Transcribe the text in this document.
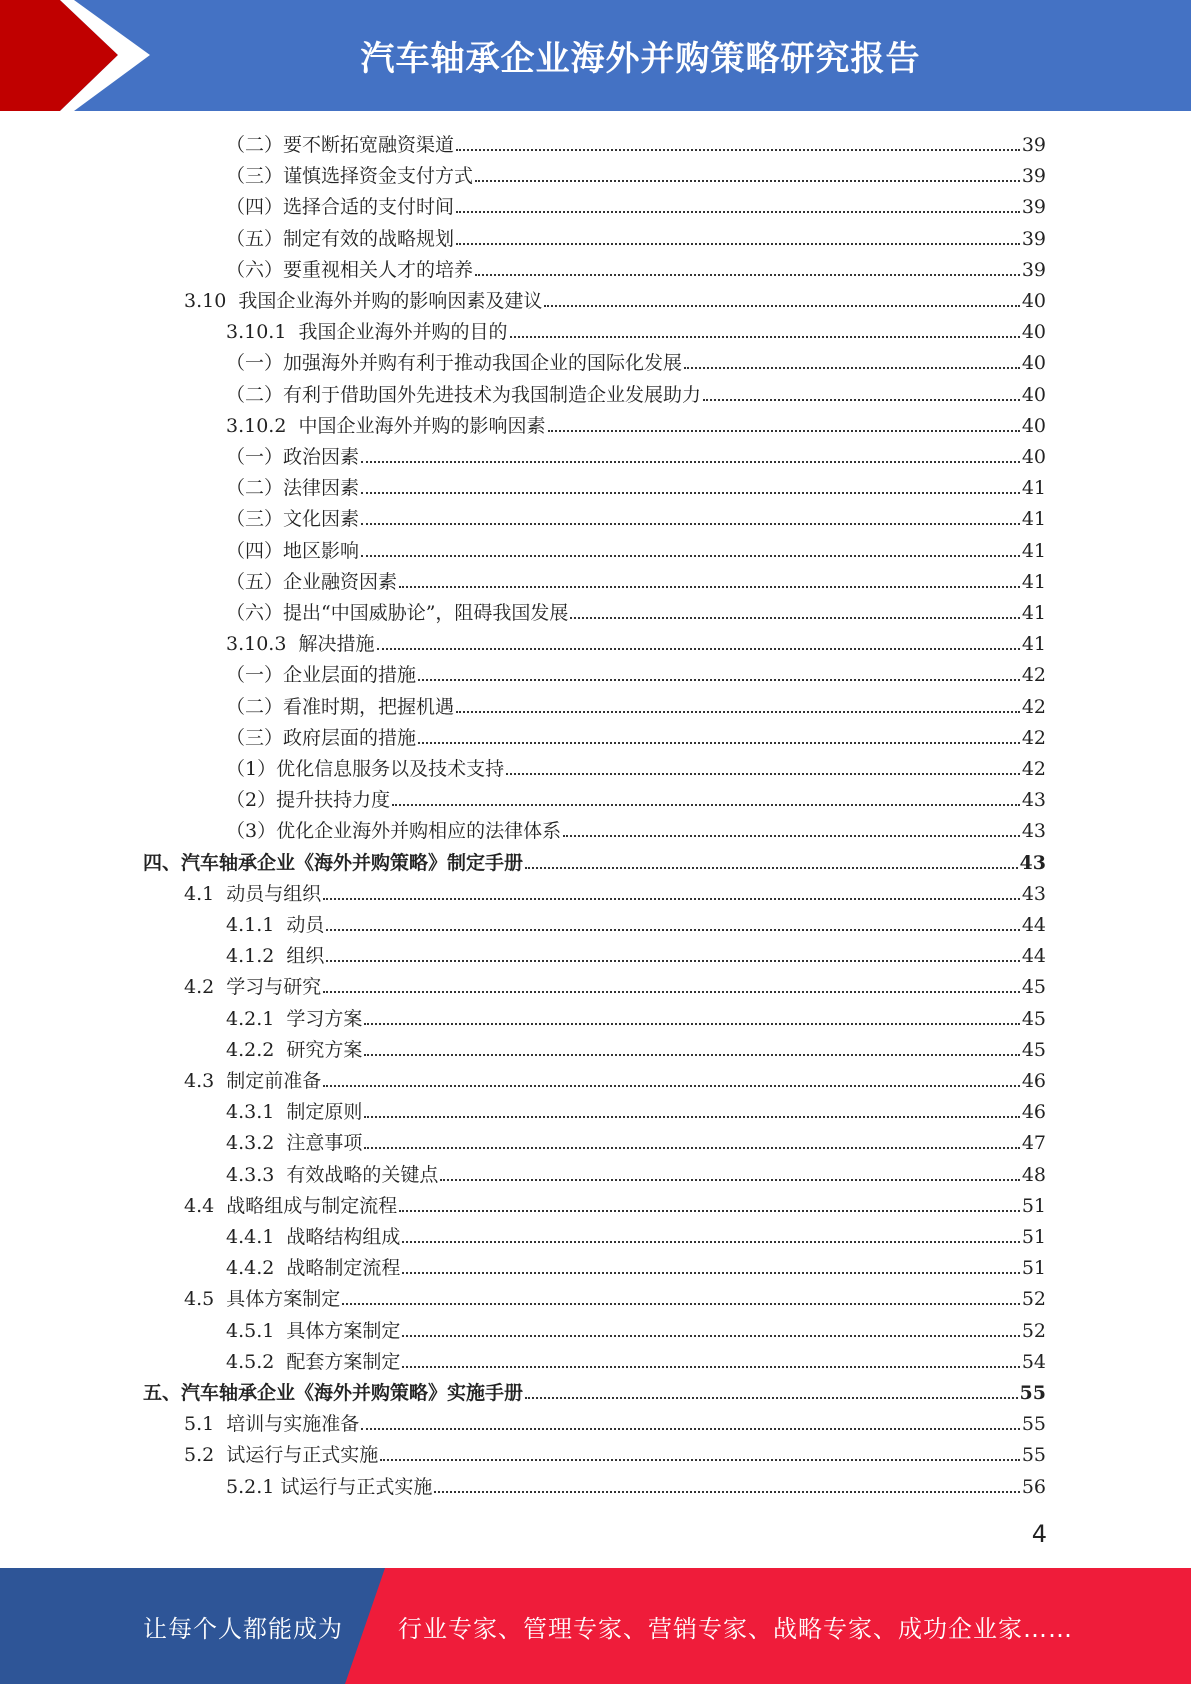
汽车轴承企业海外并购策略研究报告
（二）要不断拓宽融资渠道	39
（三）谨慎选择资金支付方式	39
（四）选择合适的支付时间	39
（五）制定有效的战略规划	39
（六）要重视相关人才的培养	39
3.10  我国企业海外并购的影响因素及建议	40
3.10.1  我国企业海外并购的目的	40
（一）加强海外并购有利于推动我国企业的国际化发展	40
（二）有利于借助国外先进技术为我国制造企业发展助力	40
3.10.2  中国企业海外并购的影响因素	40
（一）政治因素	40
（二）法律因素	41
（三）文化因素	41
（四）地区影响	41
（五）企业融资因素	41
（六）提出“中国威胁论”，阻碍我国发展	41
3.10.3  解决措施	41
（一）企业层面的措施	42
（二）看准时期，把握机遇	42
（三）政府层面的措施	42
（1）优化信息服务以及技术支持	42
（2）提升扶持力度	43
（3）优化企业海外并购相应的法律体系	43
四、汽车轴承企业《海外并购策略》制定手册	43
4.1  动员与组织	43
4.1.1  动员	44
4.1.2  组织	44
4.2  学习与研究	45
4.2.1  学习方案	45
4.2.2  研究方案	45
4.3  制定前准备	46
4.3.1  制定原则	46
4.3.2  注意事项	47
4.3.3  有效战略的关键点	48
4.4  战略组成与制定流程	51
4.4.1  战略结构组成	51
4.4.2  战略制定流程	51
4.5  具体方案制定	52
4.5.1  具体方案制定	52
4.5.2  配套方案制定	54
五、汽车轴承企业《海外并购策略》实施手册	55
5.1  培训与实施准备	55
5.2  试运行与正式实施	55
5.2.1 试运行与正式实施	56
4
让每个人都能成为 行业专家、管理专家、营销专家、战略专家、成功企业家……
